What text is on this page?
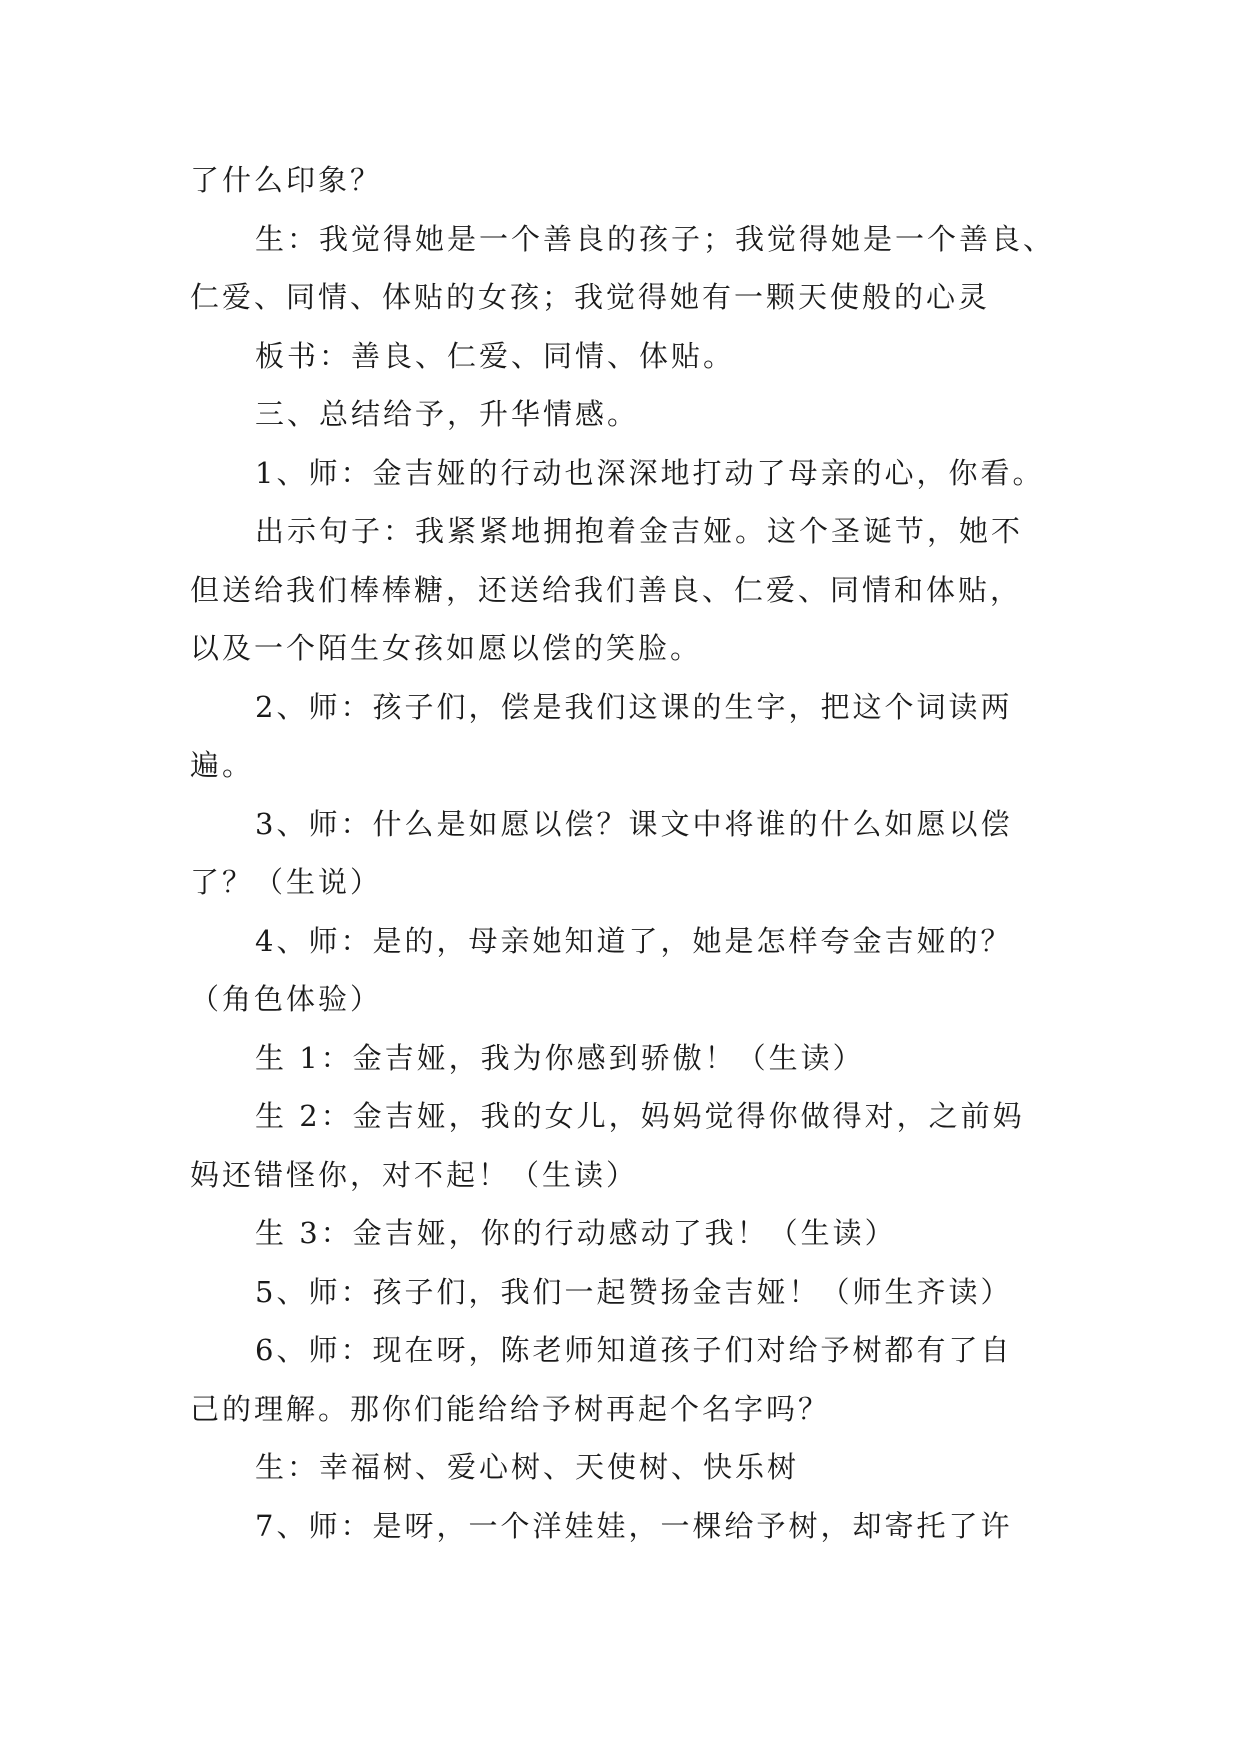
了什么印象？
生：我觉得她是一个善良的孩子；我觉得她是一个善良、
仁爱、同情、体贴的女孩；我觉得她有一颗天使般的心灵
板书：善良、仁爱、同情、体贴。
三、总结给予，升华情感。
1、师：金吉娅的行动也深深地打动了母亲的心，你看。
出示句子：我紧紧地拥抱着金吉娅。这个圣诞节，她不
但送给我们棒棒糖，还送给我们善良、仁爱、同情和体贴，
以及一个陌生女孩如愿以偿的笑脸。
2、师：孩子们，偿是我们这课的生字，把这个词读两
遍。
3、师：什么是如愿以偿？课文中将谁的什么如愿以偿
了？（生说）
4、师：是的，母亲她知道了，她是怎样夸金吉娅的？
（角色体验）
生 1：金吉娅，我为你感到骄傲！（生读）
生 2：金吉娅，我的女儿，妈妈觉得你做得对，之前妈
妈还错怪你，对不起！（生读）
生 3：金吉娅，你的行动感动了我！（生读）
5、师：孩子们，我们一起赞扬金吉娅！（师生齐读）
6、师：现在呀，陈老师知道孩子们对给予树都有了自
己的理解。那你们能给给予树再起个名字吗？
生：幸福树、爱心树、天使树、快乐树
7、师：是呀，一个洋娃娃，一棵给予树，却寄托了许
